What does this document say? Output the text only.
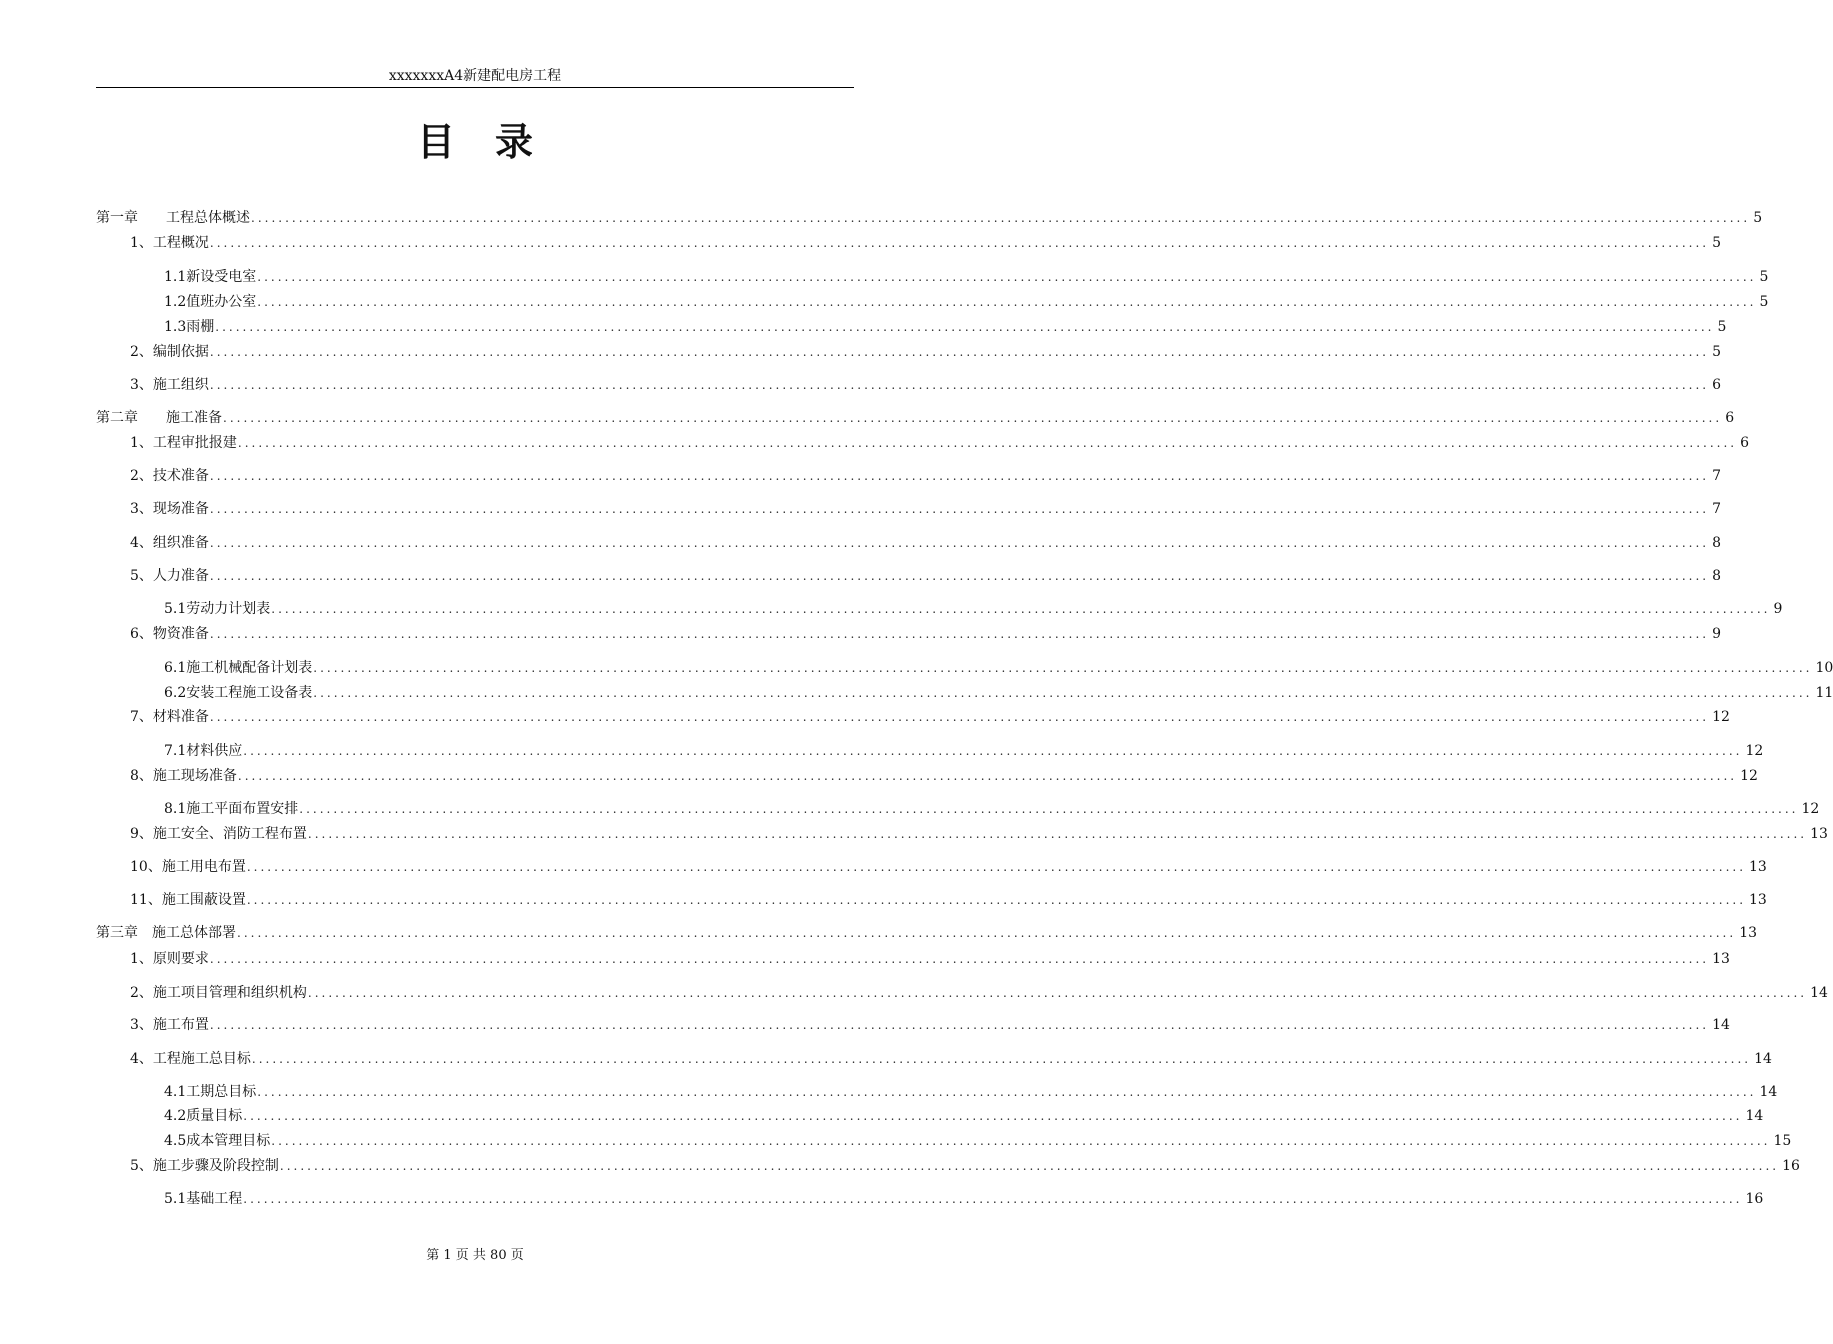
xxxxxxxA4新建配电房工程
目录
第一章　　工程总体概述 ............................................................................................................................................................................................................................ 5
1、工程概况 ............................................................................................................................................................................................................................ 5
1.1新设受电室 ............................................................................................................................................................................................................................ 5
1.2值班办公室 ............................................................................................................................................................................................................................ 5
1.3雨棚 ............................................................................................................................................................................................................................ 5
2、编制依据 ............................................................................................................................................................................................................................ 5
3、施工组织 ............................................................................................................................................................................................................................ 6
第二章　　施工准备 ............................................................................................................................................................................................................................ 6
1、工程审批报建 ............................................................................................................................................................................................................................ 6
2、技术准备 ............................................................................................................................................................................................................................ 7
3、现场准备 ............................................................................................................................................................................................................................ 7
4、组织准备 ............................................................................................................................................................................................................................ 8
5、人力准备 ............................................................................................................................................................................................................................ 8
5.1劳动力计划表 ............................................................................................................................................................................................................................ 9
6、物资准备 ............................................................................................................................................................................................................................ 9
6.1施工机械配备计划表 ............................................................................................................................................................................................................................ 10
6.2安装工程施工设备表 ............................................................................................................................................................................................................................ 11
7、材料准备 ............................................................................................................................................................................................................................ 12
7.1材料供应 ............................................................................................................................................................................................................................ 12
8、施工现场准备 ............................................................................................................................................................................................................................ 12
8.1施工平面布置安排 ............................................................................................................................................................................................................................ 12
9、施工安全、消防工程布置 ............................................................................................................................................................................................................................ 13
10、施工用电布置 ............................................................................................................................................................................................................................ 13
11、施工围蔽设置 ............................................................................................................................................................................................................................ 13
第三章　施工总体部署 ............................................................................................................................................................................................................................ 13
1、原则要求 ............................................................................................................................................................................................................................ 13
2、施工项目管理和组织机构 ............................................................................................................................................................................................................................ 14
3、施工布置 ............................................................................................................................................................................................................................ 14
4、工程施工总目标 ............................................................................................................................................................................................................................ 14
4.1工期总目标 ............................................................................................................................................................................................................................ 14
4.2质量目标 ............................................................................................................................................................................................................................ 14
4.5成本管理目标 ............................................................................................................................................................................................................................ 15
5、施工步骤及阶段控制 ............................................................................................................................................................................................................................ 16
5.1基础工程 ............................................................................................................................................................................................................................ 16
第 1 页 共 80 页
